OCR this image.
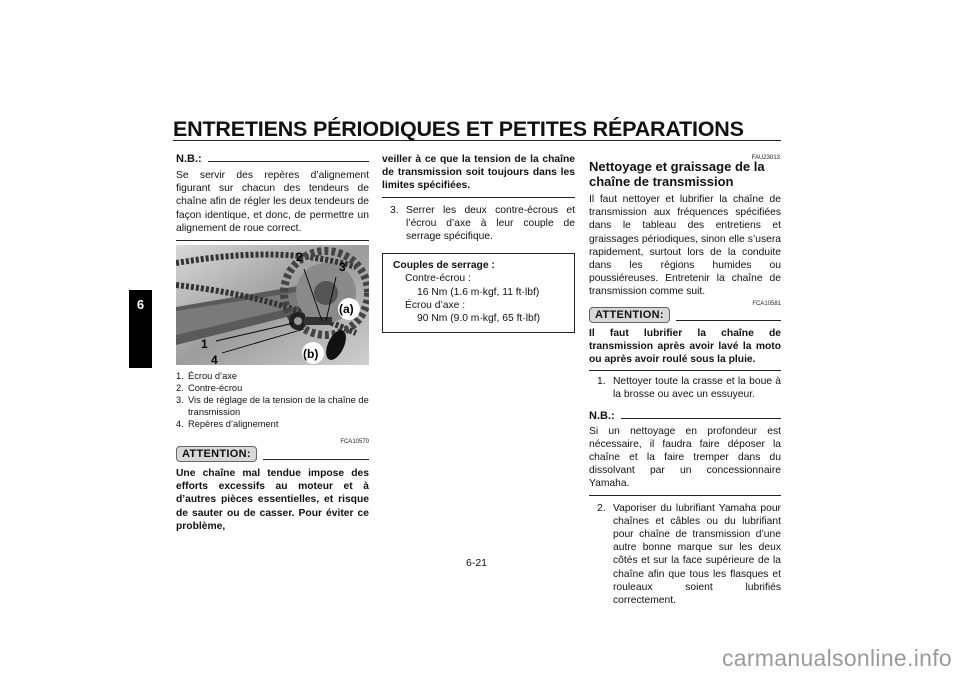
ENTRETIENS PÉRIODIQUES ET PETITES RÉPARATIONS
6
N.B.:
Se servir des repères d’alignement figurant sur chacun des tendeurs de chaîne afin de régler les deux tendeurs de façon identique, et donc, de permettre un alignement de roue correct.
2
3
(a)
1
4	(b)
1. Écrou d’axe
2. Contre-écrou
3. Vis de réglage de la tension de la chaîne de transmission
4. Repères d’alignement
FCA10570
ATTENTION:
Une chaîne mal tendue impose des efforts excessifs au moteur et à d’autres pièces essentielles, et risque de sauter ou de casser. Pour éviter ce problème,
veiller à ce que la tension de la chaîne de transmission soit toujours dans les limites spécifiées.
3. Serrer les deux contre-écrous et l’écrou d’axe à leur couple de serrage spécifique.
Couples de serrage :
Contre-écrou :
16 Nm (1.6 m·kgf, 11 ft·lbf)
Écrou d’axe :
90 Nm (9.0 m·kgf, 65 ft·lbf)
FAU23013
Nettoyage et graissage de la chaîne de transmission
Il faut nettoyer et lubrifier la chaîne de transmission aux fréquences spécifiées dans le tableau des entretiens et graissages périodiques, sinon elle s’usera rapidement, surtout lors de la conduite dans les régions humides ou poussiéreuses. Entretenir la chaîne de transmission comme suit.
FCA10581
ATTENTION:
Il faut lubrifier la chaîne de transmission après avoir lavé la moto ou après avoir roulé sous la pluie.
1. Nettoyer toute la crasse et la boue à la brosse ou avec un essuyeur.
N.B.:
Si un nettoyage en profondeur est nécessaire, il faudra faire déposer la chaîne et la faire tremper dans du dissolvant par un concessionnaire Yamaha.
2. Vaporiser du lubrifiant Yamaha pour chaînes et câbles ou du lubrifiant pour chaîne de transmission d’une autre bonne marque sur les deux côtés et sur la face supérieure de la chaîne afin que tous les flasques et rouleaux soient lubrifiés correctement.
6-21
carmanualsonline.info
